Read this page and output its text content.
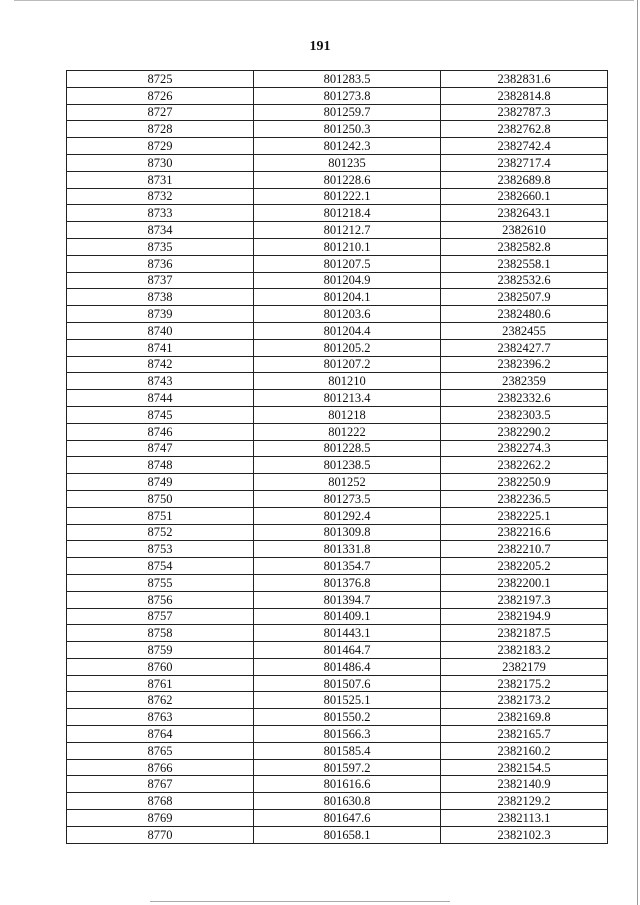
191
8725	801283.5	2382831.6
8726	801273.8	2382814.8
8727	801259.7	2382787.3
8728	801250.3	2382762.8
8729	801242.3	2382742.4
8730	801235	2382717.4
8731	801228.6	2382689.8
8732	801222.1	2382660.1
8733	801218.4	2382643.1
8734	801212.7	2382610
8735	801210.1	2382582.8
8736	801207.5	2382558.1
8737	801204.9	2382532.6
8738	801204.1	2382507.9
8739	801203.6	2382480.6
8740	801204.4	2382455
8741	801205.2	2382427.7
8742	801207.2	2382396.2
8743	801210	2382359
8744	801213.4	2382332.6
8745	801218	2382303.5
8746	801222	2382290.2
8747	801228.5	2382274.3
8748	801238.5	2382262.2
8749	801252	2382250.9
8750	801273.5	2382236.5
8751	801292.4	2382225.1
8752	801309.8	2382216.6
8753	801331.8	2382210.7
8754	801354.7	2382205.2
8755	801376.8	2382200.1
8756	801394.7	2382197.3
8757	801409.1	2382194.9
8758	801443.1	2382187.5
8759	801464.7	2382183.2
8760	801486.4	2382179
8761	801507.6	2382175.2
8762	801525.1	2382173.2
8763	801550.2	2382169.8
8764	801566.3	2382165.7
8765	801585.4	2382160.2
8766	801597.2	2382154.5
8767	801616.6	2382140.9
8768	801630.8	2382129.2
8769	801647.6	2382113.1
8770	801658.1	2382102.3
